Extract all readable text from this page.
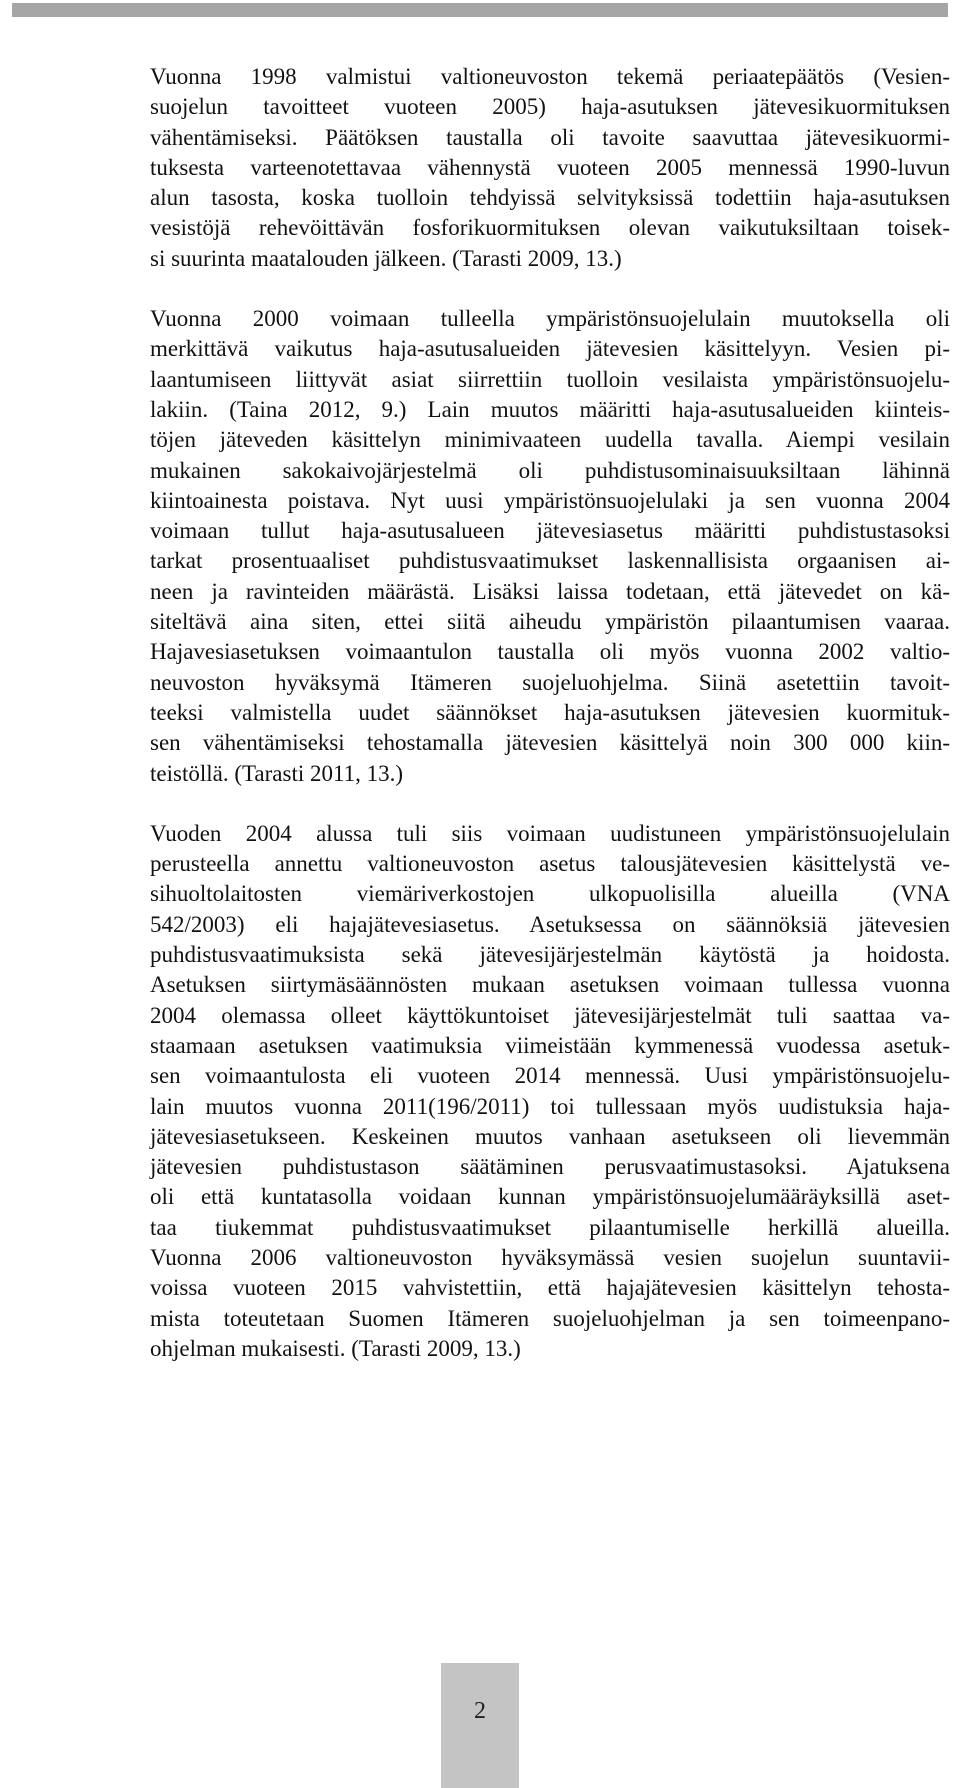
Vuonna 1998 valmistui valtioneuvoston tekemä periaatepäätös (Vesien-
suojelun tavoitteet vuoteen 2005) haja-asutuksen jätevesikuormituksen
vähentämiseksi. Päätöksen taustalla oli tavoite saavuttaa jätevesikuormi-
tuksesta varteenotettavaa vähennystä vuoteen 2005 mennessä 1990-luvun
alun tasosta, koska tuolloin tehdyissä selvityksissä todettiin haja-asutuksen
vesistöjä rehevöittävän fosforikuormituksen olevan vaikutuksiltaan toisek-
si suurinta maatalouden jälkeen. (Tarasti 2009, 13.)
Vuonna 2000 voimaan tulleella ympäristönsuojelulain muutoksella oli
merkittävä vaikutus haja-asutusalueiden jätevesien käsittelyyn. Vesien pi-
laantumiseen liittyvät asiat siirrettiin tuolloin vesilaista ympäristönsuojelu-
lakiin. (Taina 2012, 9.) Lain muutos määritti haja-asutusalueiden kiinteis-
töjen jäteveden käsittelyn minimivaateen uudella tavalla. Aiempi vesilain
mukainen sakokaivojärjestelmä oli puhdistusominaisuuksiltaan lähinnä
kiintoainesta poistava. Nyt uusi ympäristönsuojelulaki ja sen vuonna 2004
voimaan tullut haja-asutusalueen jätevesiasetus määritti puhdistustasoksi
tarkat prosentuaaliset puhdistusvaatimukset laskennallisista orgaanisen ai-
neen ja ravinteiden määrästä. Lisäksi laissa todetaan, että jätevedet on kä-
siteltävä aina siten, ettei siitä aiheudu ympäristön pilaantumisen vaaraa.
Hajavesiasetuksen voimaantulon taustalla oli myös vuonna 2002 valtio-
neuvoston hyväksymä Itämeren suojeluohjelma. Siinä asetettiin tavoit-
teeksi valmistella uudet säännökset haja-asutuksen jätevesien kuormituk-
sen vähentämiseksi tehostamalla jätevesien käsittelyä noin 300 000 kiin-
teistöllä. (Tarasti 2011, 13.)
Vuoden 2004 alussa tuli siis voimaan uudistuneen ympäristönsuojelulain
perusteella annettu valtioneuvoston asetus talousjätevesien käsittelystä ve-
sihuoltolaitosten viemäriverkostojen ulkopuolisilla alueilla (VNA
542/2003) eli hajajätevesiasetus. Asetuksessa on säännöksiä jätevesien
puhdistusvaatimuksista sekä jätevesijärjestelmän käytöstä ja hoidosta.
Asetuksen siirtymäsäännösten mukaan asetuksen voimaan tullessa vuonna
2004 olemassa olleet käyttökuntoiset jätevesijärjestelmät tuli saattaa va-
staamaan asetuksen vaatimuksia viimeistään kymmenessä vuodessa asetuk-
sen voimaantulosta eli vuoteen 2014 mennessä. Uusi ympäristönsuojelu-
lain muutos vuonna 2011(196/2011) toi tullessaan myös uudistuksia haja-
jätevesiasetukseen. Keskeinen muutos vanhaan asetukseen oli lievemmän
jätevesien puhdistustason säätäminen perusvaatimustasoksi. Ajatuksena
oli että kuntatasolla voidaan kunnan ympäristönsuojelumääräyksillä aset-
taa tiukemmat puhdistusvaatimukset pilaantumiselle herkillä alueilla.
Vuonna 2006 valtioneuvoston hyväksymässä vesien suojelun suuntavii-
voissa vuoteen 2015 vahvistettiin, että hajajätevesien käsittelyn tehosta-
mista toteutetaan Suomen Itämeren suojeluohjelman ja sen toimeenpano-
ohjelman mukaisesti. (Tarasti 2009, 13.)
2
